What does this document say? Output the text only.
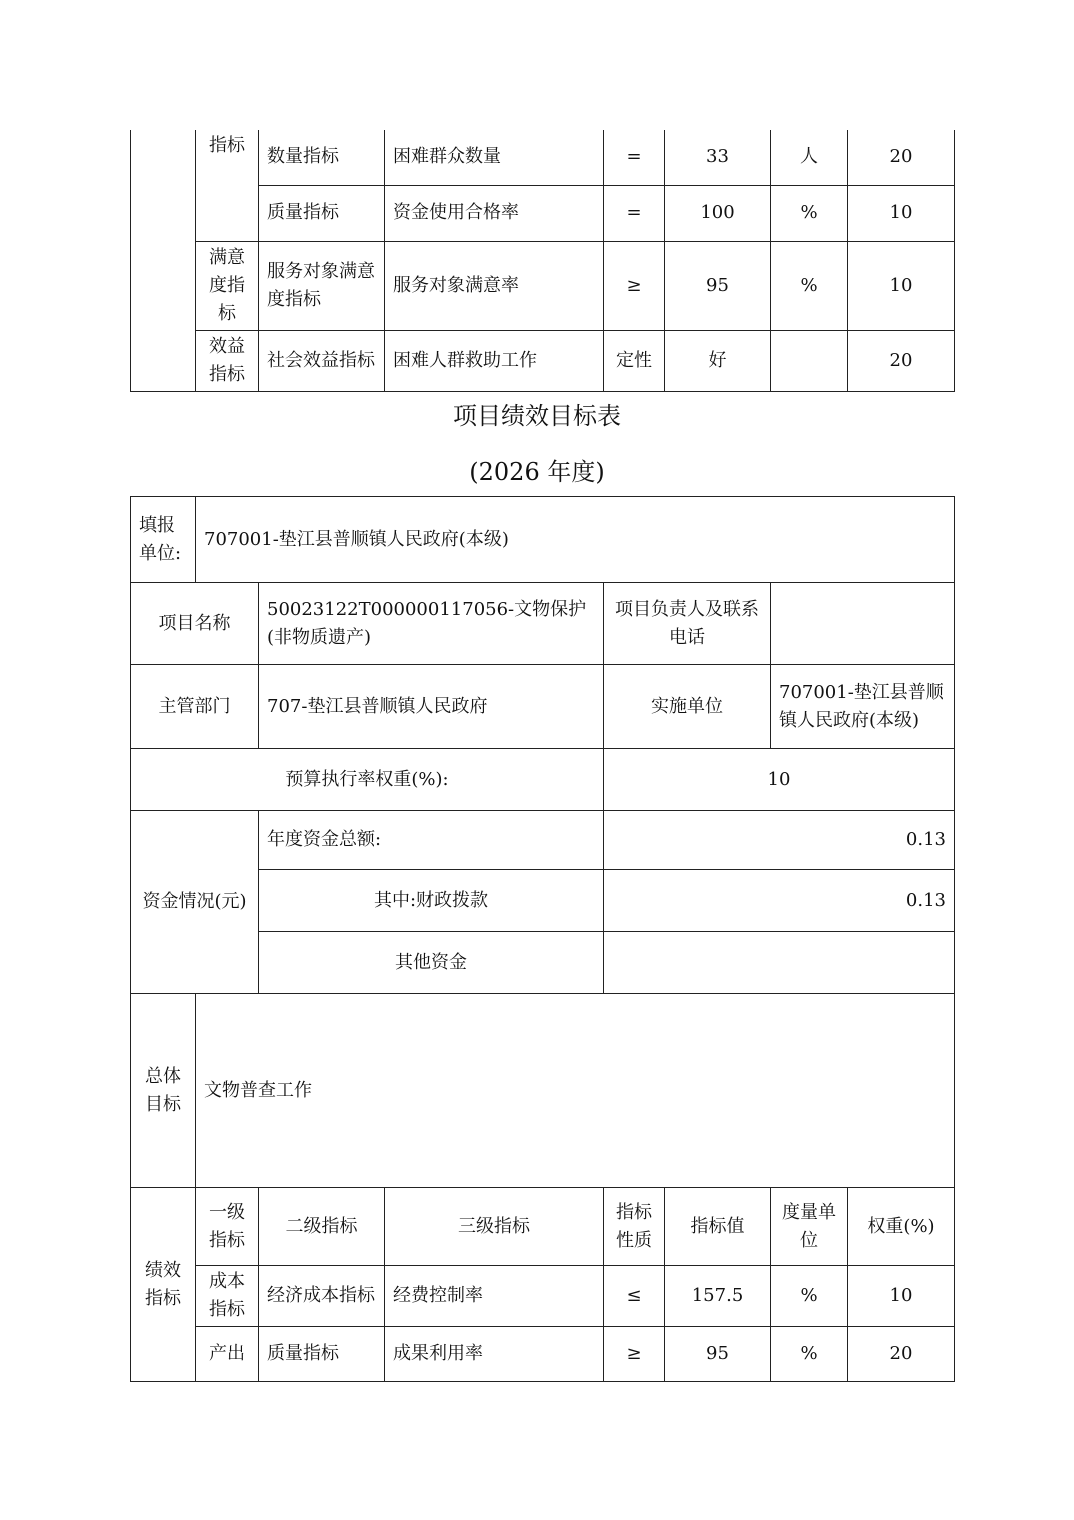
	指标	数量指标	困难群众数量	=	33	人	20
		质量指标	资金使用合格率	=	100	%	10
	满意度指标	服务对象满意度指标	服务对象满意率	≥	95	%	10
	效益指标	社会效益指标	困难人群救助工作	定性	好		20
项目绩效目标表
(2026 年度)
填报单位:	707001-垫江县普顺镇人民政府(本级)						
项目名称		50023122T000000117056-文物保护(非物质遗产)		项目负责人及联系电话			
主管部门		707-垫江县普顺镇人民政府		实施单位		707001-垫江县普顺镇人民政府(本级)	
预算执行率权重(%):				10			
资金情况(元)		年度资金总额:		0.13			
		其中:财政拨款		0.13			
		其他资金					
总体目标	文物普查工作						
绩效指标	一级指标	二级指标	三级指标	指标性质	指标值	度量单位	权重(%)
	成本指标	经济成本指标	经费控制率	≤	157.5	%	10
	产出	质量指标	成果利用率	≥	95	%	20
